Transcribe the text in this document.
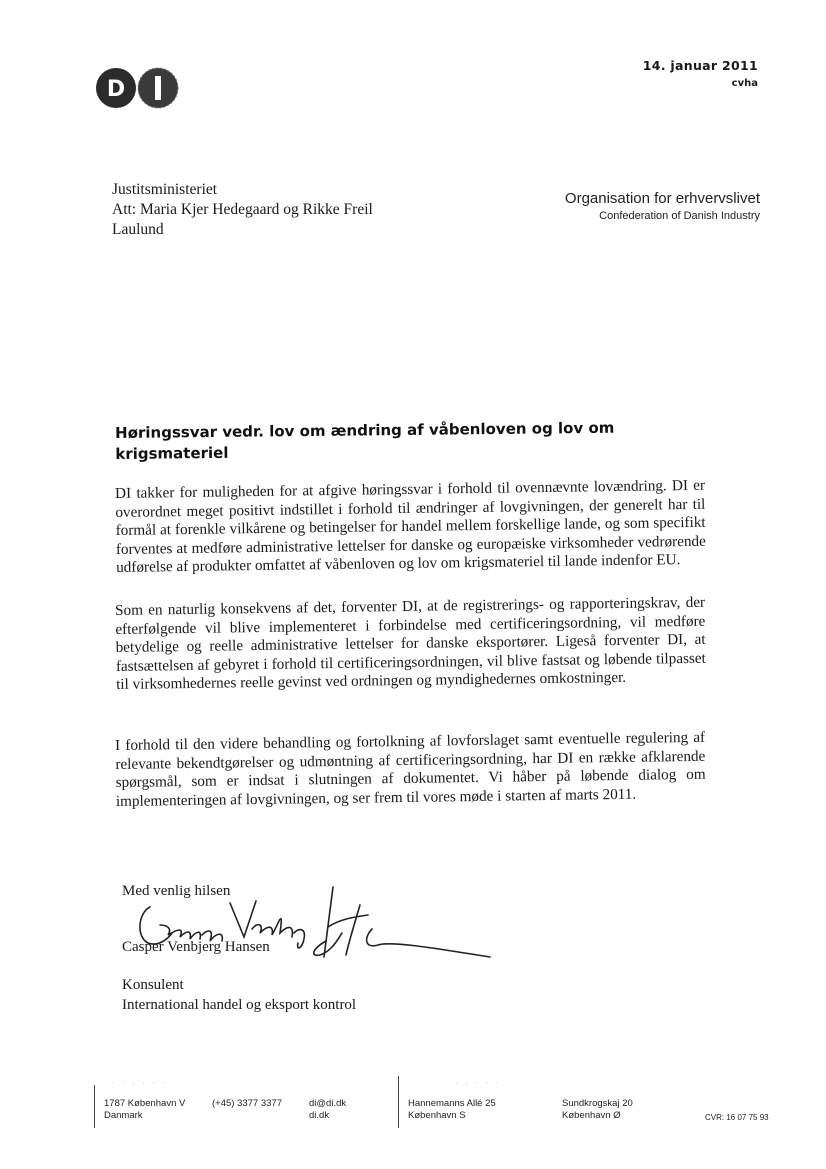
D
14. januar 2011
cvha
Justitsministeriet
Att: Maria Kjer Hedegaard og Rikke Freil
Laulund
Organisation for erhvervslivet
Confederation of Danish Industry
Høringssvar vedr. lov om ændring af våbenloven og lov om
krigsmateriel
DI takker for muligheden for at afgive høringssvar i forhold til ovennævnte lovændring. DI er overordnet meget positivt indstillet i forhold til ændringer af lovgivningen, der generelt har til formål at forenkle vilkårene og betingelser for handel mellem forskellige lande, og som specifikt forventes at medføre administrative lettelser for danske og europæiske virksomheder vedrørende udførelse af produkter omfattet af våbenloven og lov om krigsmateriel til lande indenfor EU.
Som en naturlig konsekvens af det, forventer DI, at de registrerings- og rapporteringskrav, der efterfølgende vil blive implementeret i forbindelse med certificeringsordning, vil medføre betydelige og reelle administrative lettelser for danske eksportører. Ligeså forventer DI, at fastsættelsen af gebyret i forhold til certificeringsordningen, vil blive fastsat og løbende tilpasset til virksomhedernes reelle gevinst ved ordningen og myndighedernes omkostninger.
I forhold til den videre behandling og fortolkning af lovforslaget samt eventuelle regulering af relevante bekendtgørelser og udmøntning af certificeringsordning, har DI en række afklarende spørgsmål, som er indsat i slutningen af dokumentet. Vi håber på løbende dialog om implementeringen af lovgivningen, og ser frem til vores møde i starten af marts 2011.
Med venlig hilsen
Casper Venbjerg Hansen
Konsulent
International handel og eksport kontrol
· : · · · ·	· · · · ·
1787 København V
Danmark
(+45) 3377 3377	di@di.dk
di.dk
Hannemanns Allé 25
København S
Sundkrogskaj 20
København Ø	CVR: 16 07 75 93
